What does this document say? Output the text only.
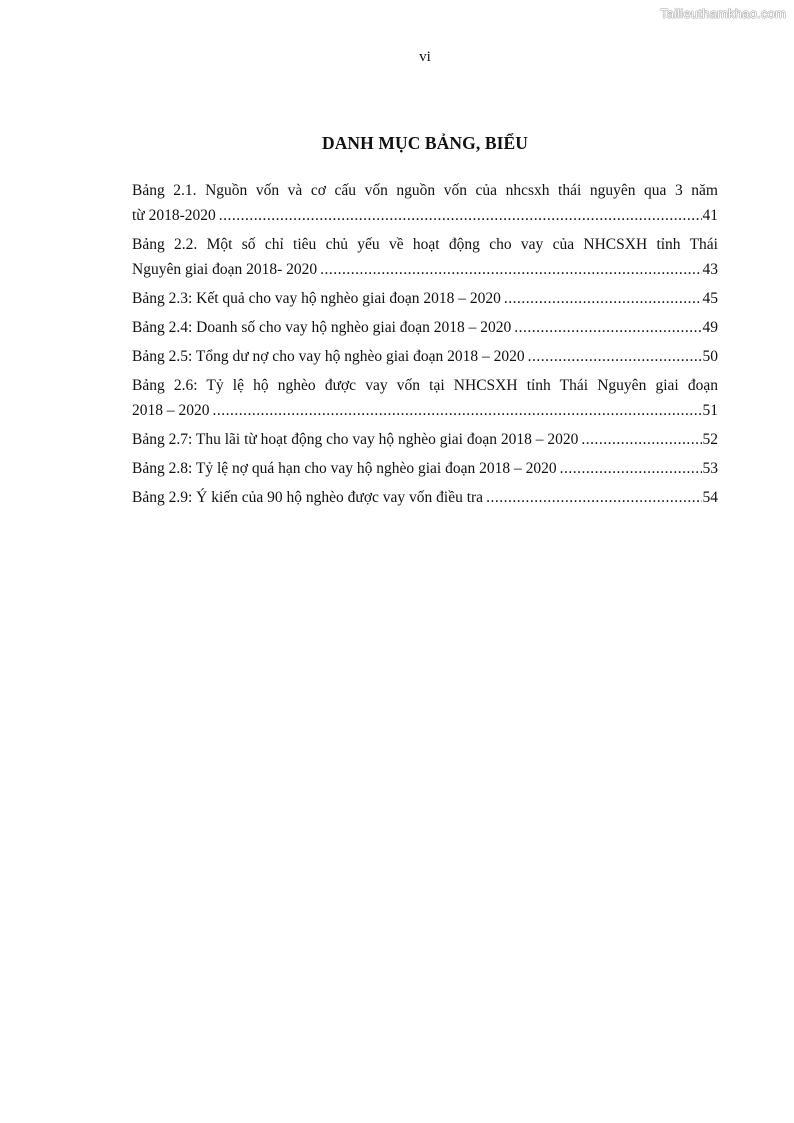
Tailieuthamkhao.com
vi
DANH MỤC BẢNG, BIỂU
Bảng 2.1. Nguồn vốn và cơ cấu vốn nguồn vốn của nhcsxh thái nguyên qua 3 năm
từ 2018-2020 .....	41
Bảng 2.2. Một số chỉ tiêu chủ yếu về hoạt động cho vay của NHCSXH tỉnh Thái
Nguyên giai đoạn 2018- 2020 .....	43
Bảng 2.3: Kết quả cho vay hộ nghèo giai đoạn 2018 – 2020 .....	45
Bảng 2.4: Doanh số cho vay hộ nghèo giai đoạn 2018 – 2020 .....	49
Bảng 2.5: Tổng dư nợ cho vay hộ nghèo giai đoạn 2018 – 2020 .....	50
Bảng 2.6: Tỷ lệ hộ nghèo được vay vốn tại NHCSXH tỉnh Thái Nguyên giai đoạn
2018 – 2020 .....	51
Bảng 2.7: Thu lãi từ hoạt động cho vay hộ nghèo giai đoạn 2018 – 2020 .....	52
Bảng 2.8: Tỷ lệ nợ quá hạn cho vay hộ nghèo giai đoạn 2018 – 2020 .....	53
Bảng 2.9: Ý kiến của 90 hộ nghèo được vay vốn điều tra .....	54
